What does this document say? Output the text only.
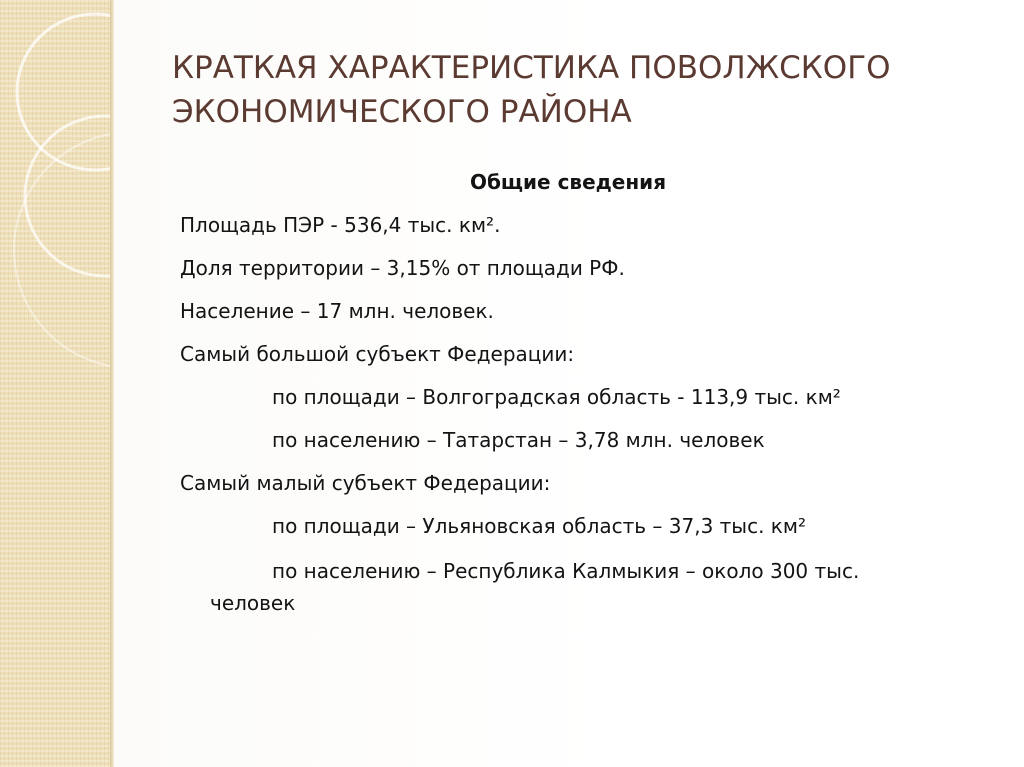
КРАТКАЯ ХАРАКТЕРИСТИКА ПОВОЛЖСКОГО ЭКОНОМИЧЕСКОГО РАЙОНА
Общие сведения
Площадь ПЭР - 536,4 тыс. км².
Доля территории – 3,15% от площади РФ.
Население – 17 млн. человек.
Самый большой субъект Федерации:
по площади – Волгоградская область - 113,9 тыс. км²
по населению – Татарстан – 3,78 млн. человек
Самый малый субъект Федерации:
по площади – Ульяновская область – 37,3 тыс. км²
по населению – Республика Калмыкия – около 300 тыс.
человек
